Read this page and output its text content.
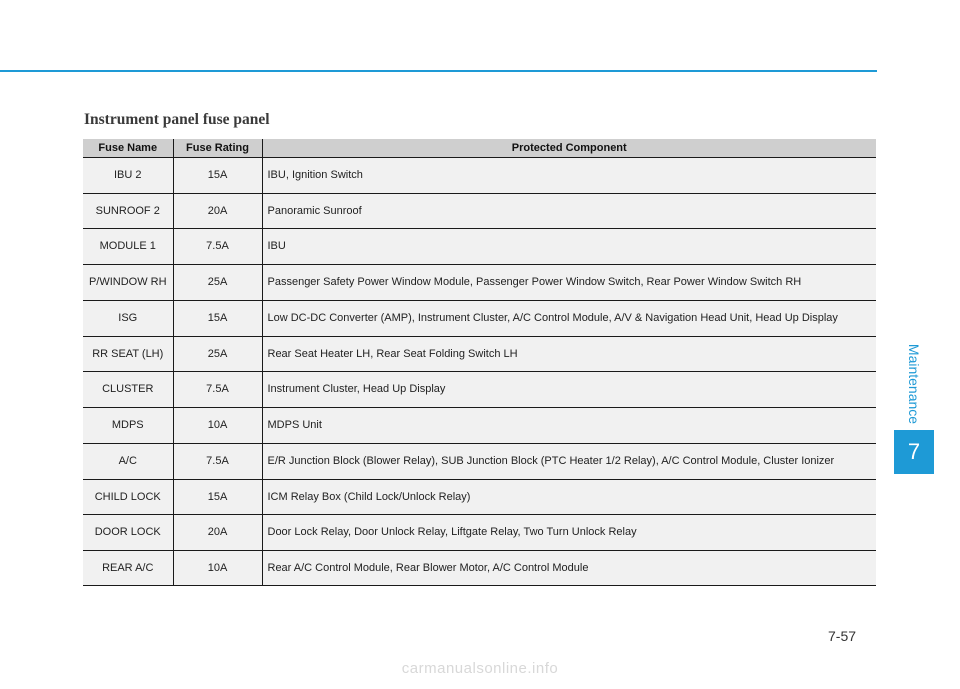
Instrument panel fuse panel
Fuse Name	Fuse Rating	Protected Component
IBU 2	15A	IBU, Ignition Switch
SUNROOF 2	20A	Panoramic Sunroof
MODULE 1	7.5A	IBU
P/WINDOW RH	25A	Passenger Safety Power Window Module, Passenger Power Window Switch, Rear Power Window Switch RH
ISG	15A	Low DC-DC Converter (AMP), Instrument Cluster, A/C Control Module, A/V & Navigation Head Unit, Head Up Display
RR SEAT (LH)	25A	Rear Seat Heater LH, Rear Seat Folding Switch LH
CLUSTER	7.5A	Instrument Cluster, Head Up Display
MDPS	10A	MDPS Unit
A/C	7.5A	E/R Junction Block (Blower Relay), SUB Junction Block (PTC Heater 1/2 Relay), A/C Control Module, Cluster Ionizer
CHILD LOCK	15A	ICM Relay Box (Child Lock/Unlock Relay)
DOOR LOCK	20A	Door Lock Relay, Door Unlock Relay, Liftgate Relay, Two Turn Unlock Relay
REAR A/C	10A	Rear A/C Control Module, Rear Blower Motor, A/C Control Module
Maintenance
7
7-57
carmanualsonline.info
